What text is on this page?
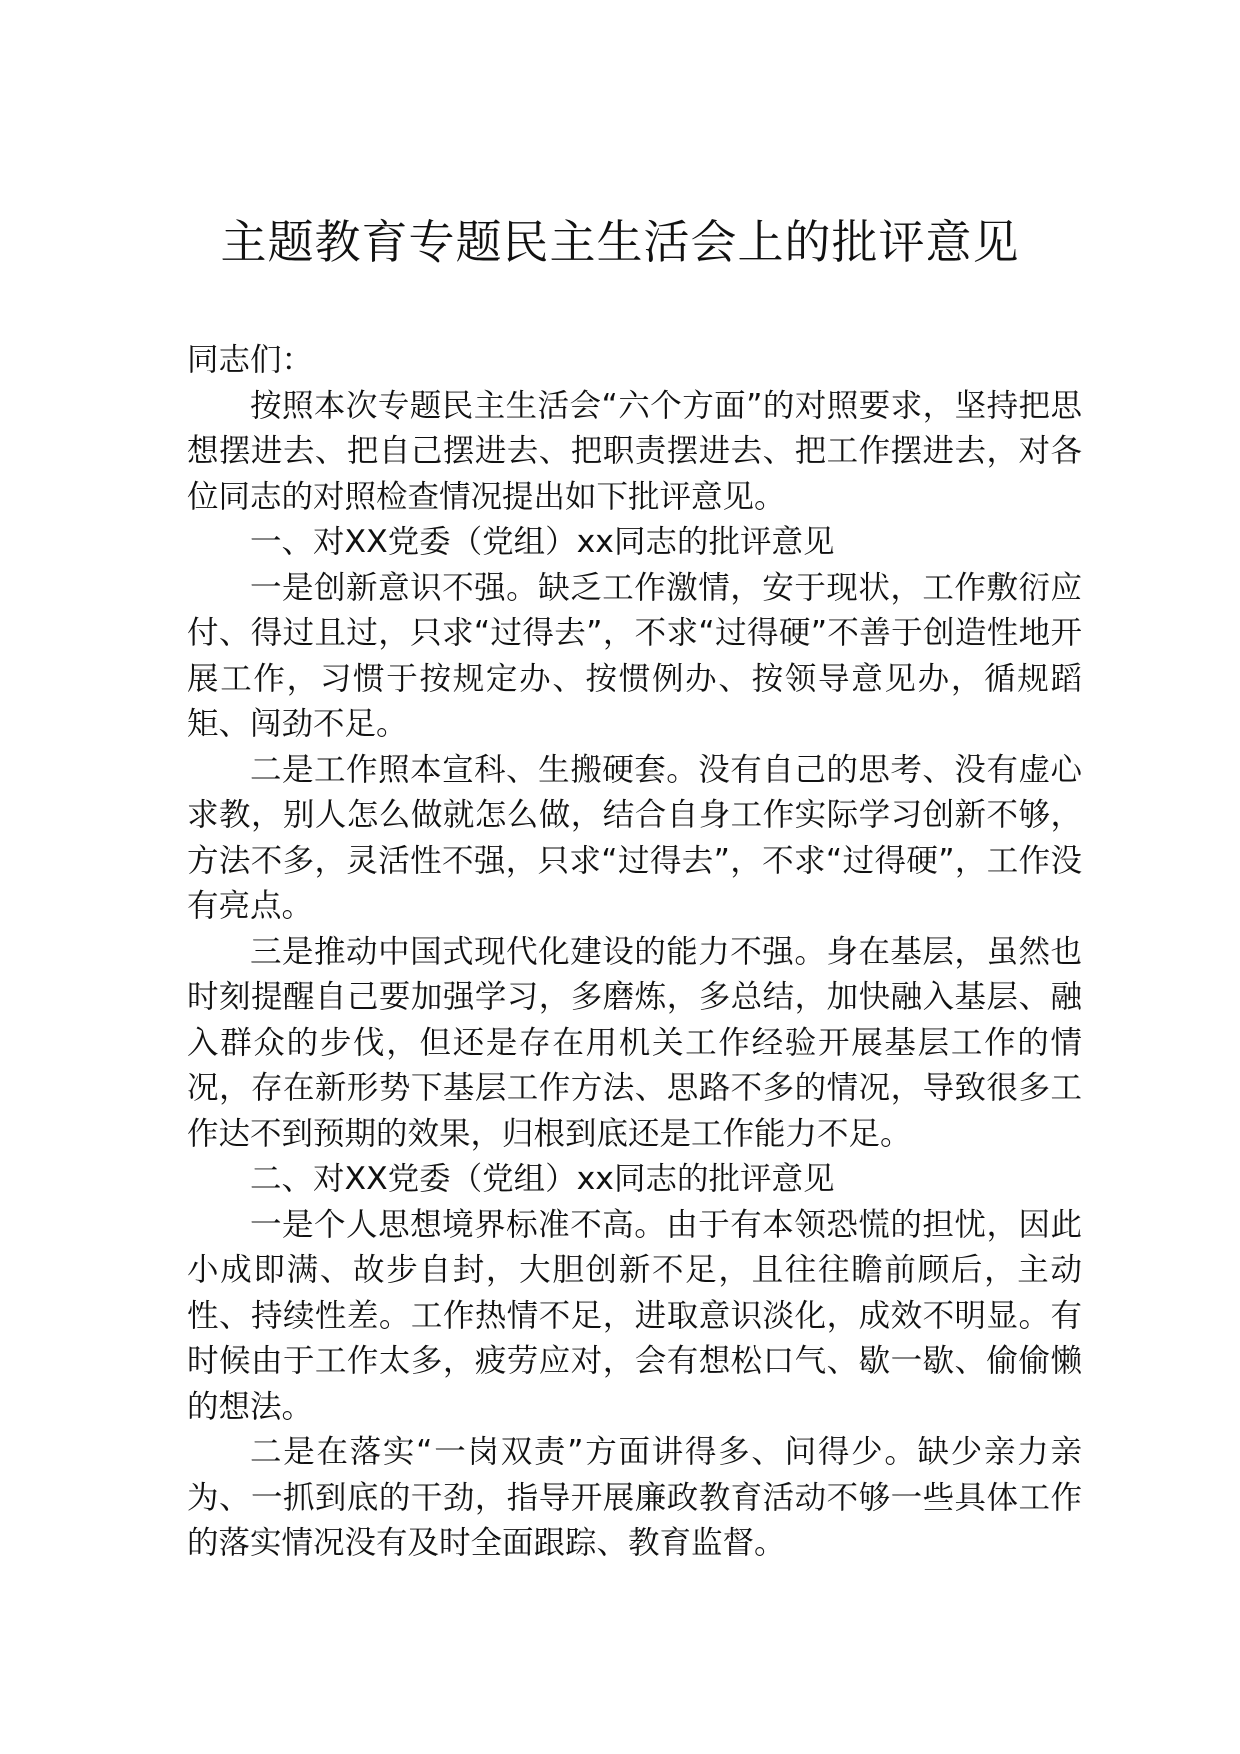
主题教育专题民主生活会上的批评意见

同志们：

按照本次专题民主生活会“六个方面”的对照要求，坚持把思想摆进去、把自己摆进去、把职责摆进去、把工作摆进去，对各位同志的对照检查情况提出如下批评意见。

一、对XX党委（党组）xx同志的批评意见

一是创新意识不强。缺乏工作激情，安于现状，工作敷衍应付、得过且过，只求“过得去”，不求“过得硬”不善于创造性地开展工作，习惯于按规定办、按惯例办、按领导意见办，循规蹈矩、闯劲不足。

二是工作照本宣科、生搬硬套。没有自己的思考、没有虚心求教，别人怎么做就怎么做，结合自身工作实际学习创新不够，方法不多，灵活性不强，只求“过得去”，不求“过得硬”，工作没有亮点。

三是推动中国式现代化建设的能力不强。身在基层，虽然也时刻提醒自己要加强学习，多磨炼，多总结，加快融入基层、融入群众的步伐，但还是存在用机关工作经验开展基层工作的情况，存在新形势下基层工作方法、思路不多的情况，导致很多工作达不到预期的效果，归根到底还是工作能力不足。

二、对XX党委（党组）xx同志的批评意见

一是个人思想境界标准不高。由于有本领恐慌的担忧，因此小成即满、故步自封，大胆创新不足，且往往瞻前顾后，主动性、持续性差。工作热情不足，进取意识淡化，成效不明显。有时候由于工作太多，疲劳应对，会有想松口气、歇一歇、偷偷懒的想法。

二是在落实“一岗双责”方面讲得多、问得少。缺少亲力亲为、一抓到底的干劲，指导开展廉政教育活动不够一些具体工作的落实情况没有及时全面跟踪、教育监督。
